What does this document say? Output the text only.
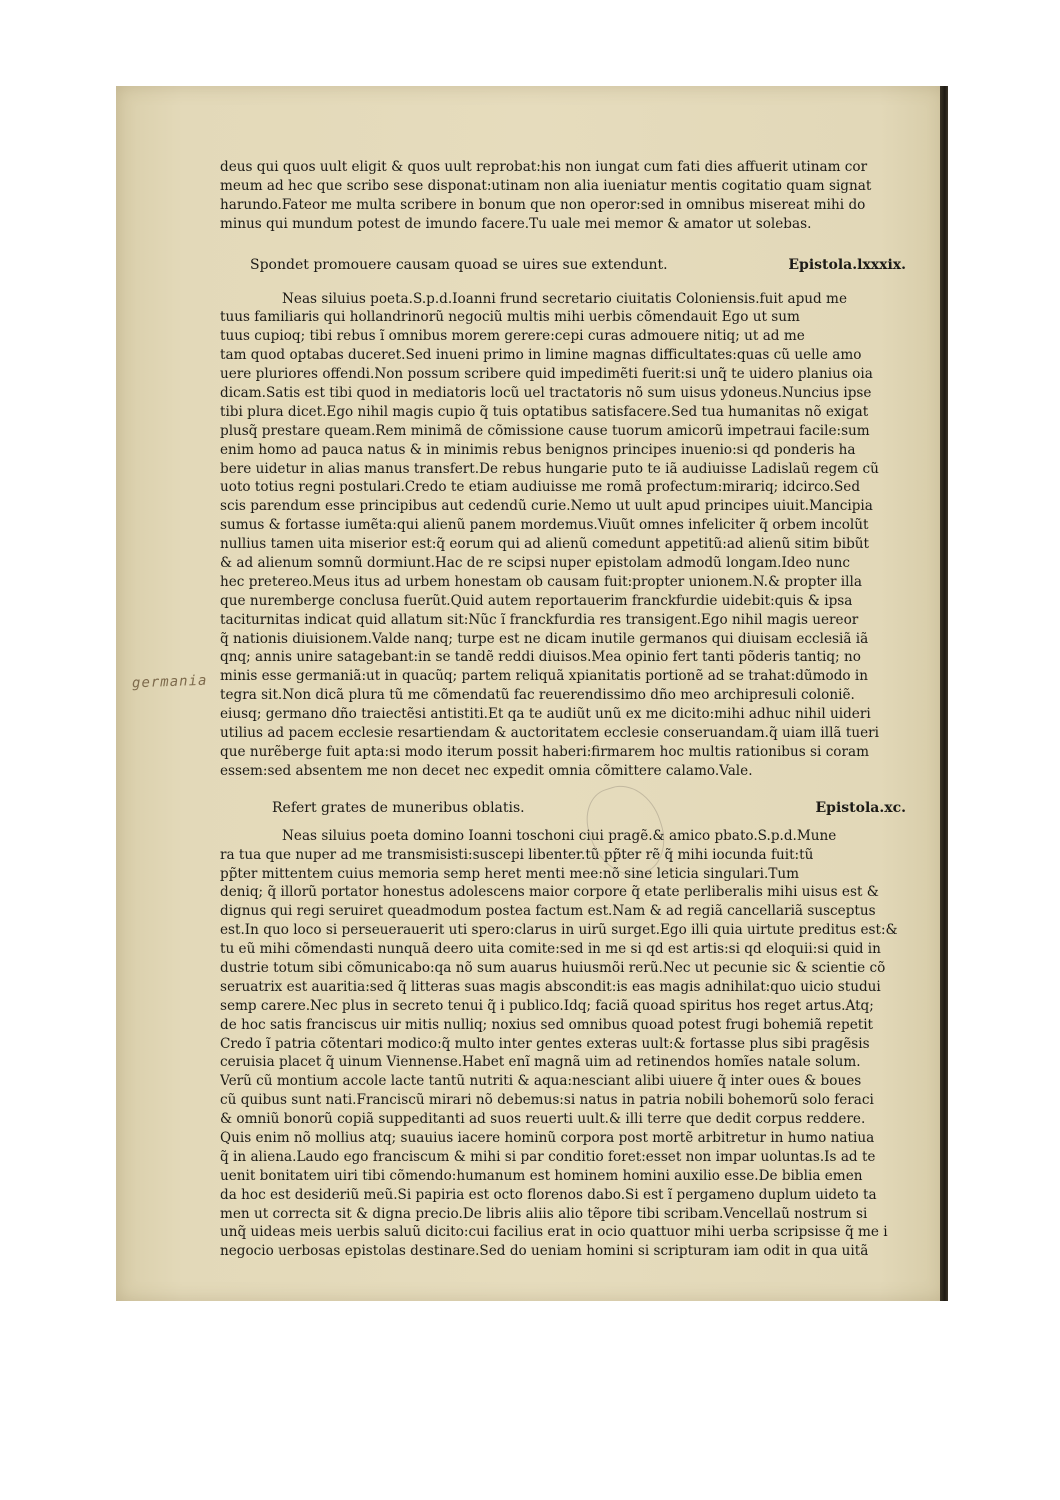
deus qui quos uult eligit & quos uult reprobat:his non iungat cum fati dies affuerit utinam cor
meum ad hec que scribo sese disponat:utinam non alia iueniatur mentis cogitatio quam signat
harundo.Fateor me multa scribere in bonum que non operor:sed in omnibus misereat mihi do
minus qui mundum potest de imundo facere.Tu uale mei memor & amator ut solebas.
Spondet promouere causam quoad se uires sue extendunt.	Epistola.lxxxix.
Neas siluius poeta.S.p.d.Ioanni frund secretario ciuitatis Coloniensis.fuit apud me
tuus familiaris qui hollandrinorũ negociũ multis mihi uerbis cõmendauit Ego ut sum
tuus cupioq; tibi rebus ĩ omnibus morem gerere:cepi curas admouere nitiq; ut ad me
tam quod optabas duceret.Sed inueni primo in limine magnas difficultates:quas cũ uelle amo
uere pluriores offendi.Non possum scribere quid impedimẽti fuerit:si unq̃ te uidero planius oia
dicam.Satis est tibi quod in mediatoris locũ uel tractatoris nõ sum uisus ydoneus.Nuncius ipse
tibi plura dicet.Ego nihil magis cupio q̃ tuis optatibus satisfacere.Sed tua humanitas nõ exigat
plusq̃ prestare queam.Rem minimã de cõmissione cause tuorum amicorũ impetraui facile:sum
enim homo ad pauca natus & in minimis rebus benignos principes inuenio:si qd ponderis ha
bere uidetur in alias manus transfert.De rebus hungarie puto te iã audiuisse Ladislaũ regem cũ
uoto totius regni postulari.Credo te etiam audiuisse me romã profectum:mirariq; idcirco.Sed
scis parendum esse principibus aut cedendũ curie.Nemo ut uult apud principes uiuit.Mancipia
sumus & fortasse iumẽta:qui alienũ panem mordemus.Viuũt omnes infeliciter q̃ orbem incolũt
nullius tamen uita miserior est:q̃ eorum qui ad alienũ comedunt appetitũ:ad alienũ sitim bibũt
& ad alienum somnũ dormiunt.Hac de re scipsi nuper epistolam admodũ longam.Ideo nunc
hec pretereo.Meus itus ad urbem honestam ob causam fuit:propter unionem.N.& propter illa
que nuremberge conclusa fuerũt.Quid autem reportauerim franckfurdie uidebit:quis & ipsa
taciturnitas indicat quid allatum sit:Nũc ĩ franckfurdia res transigent.Ego nihil magis uereor
q̃ nationis diuisionem.Valde nanq; turpe est ne dicam inutile germanos qui diuisam ecclesiã iã
qnq; annis unire satagebant:in se tandẽ reddi diuisos.Mea opinio fert tanti põderis tantiq; no
minis esse germaniã:ut in quacũq; partem reliquã xpianitatis portionẽ ad se trahat:dũmodo in
tegra sit.Non dicã plura tũ me cõmendatũ fac reuerendissimo dño meo archipresuli coloniẽ.
eiusq; germano dño traiectẽsi antistiti.Et qa te audiũt unũ ex me dicito:mihi adhuc nihil uideri
utilius ad pacem ecclesie resartiendam & auctoritatem ecclesie conseruandam.q̃ uiam illã tueri
que nurẽberge fuit apta:si modo iterum possit haberi:firmarem hoc multis rationibus si coram
essem:sed absentem me non decet nec expedit omnia cõmittere calamo.Vale.
Refert grates de muneribus oblatis.	Epistola.xc.
Neas siluius poeta domino Ioanni toschoni ciui pragẽ.& amico pbato.S.p.d.Mune
ra tua que nuper ad me transmisisti:suscepi libenter.tũ pp̃ter rẽ q̃ mihi iocunda fuit:tũ
pp̃ter mittentem cuius memoria semp heret menti mee:nõ sine leticia singulari.Tum
deniq; q̃ illorũ portator honestus adolescens maior corpore q̃ etate perliberalis mihi uisus est &
dignus qui regi seruiret queadmodum postea factum est.Nam & ad regiã cancellariã susceptus
est.In quo loco si perseuerauerit uti spero:clarus in uirũ surget.Ego illi quia uirtute preditus est:&
tu eũ mihi cõmendasti nunquã deero uita comite:sed in me si qd est artis:si qd eloquii:si quid in
dustrie totum sibi cõmunicabo:qa nõ sum auarus huiusmõi rerũ.Nec ut pecunie sic & scientie cõ
seruatrix est auaritia:sed q̃ litteras suas magis abscondit:is eas magis adnihilat:quo uicio studui
semp carere.Nec plus in secreto tenui q̃ i publico.Idq; faciã quoad spiritus hos reget artus.Atq;
de hoc satis franciscus uir mitis nulliq; noxius sed omnibus quoad potest frugi bohemiã repetit
Credo ĩ patria cõtentari modico:q̃ multo inter gentes exteras uult:& fortasse plus sibi pragẽsis
ceruisia placet q̃ uinum Viennense.Habet enĩ magnã uim ad retinendos homĩes natale solum.
Verũ cũ montium accole lacte tantũ nutriti & aqua:nesciant alibi uiuere q̃ inter oues & boues
cũ quibus sunt nati.Franciscũ mirari nõ debemus:si natus in patria nobili bohemorũ solo feraci
& omniũ bonorũ copiã suppeditanti ad suos reuerti uult.& illi terre que dedit corpus reddere.
Quis enim nõ mollius atq; suauius iacere hominũ corpora post mortẽ arbitretur in humo natiua
q̃ in aliena.Laudo ego franciscum & mihi si par conditio foret:esset non impar uoluntas.Is ad te
uenit bonitatem uiri tibi cõmendo:humanum est hominem homini auxilio esse.De biblia emen
da hoc est desideriũ meũ.Si papiria est octo florenos dabo.Si est ĩ pergameno duplum uideto ta
men ut correcta sit & digna precio.De libris aliis alio tẽpore tibi scribam.Vencellaũ nostrum si
unq̃ uideas meis uerbis saluũ dicito:cui facilius erat in ocio quattuor mihi uerba scripsisse q̃ me i
negocio uerbosas epistolas destinare.Sed do ueniam homini si scripturam iam odit in qua uitã
germania
